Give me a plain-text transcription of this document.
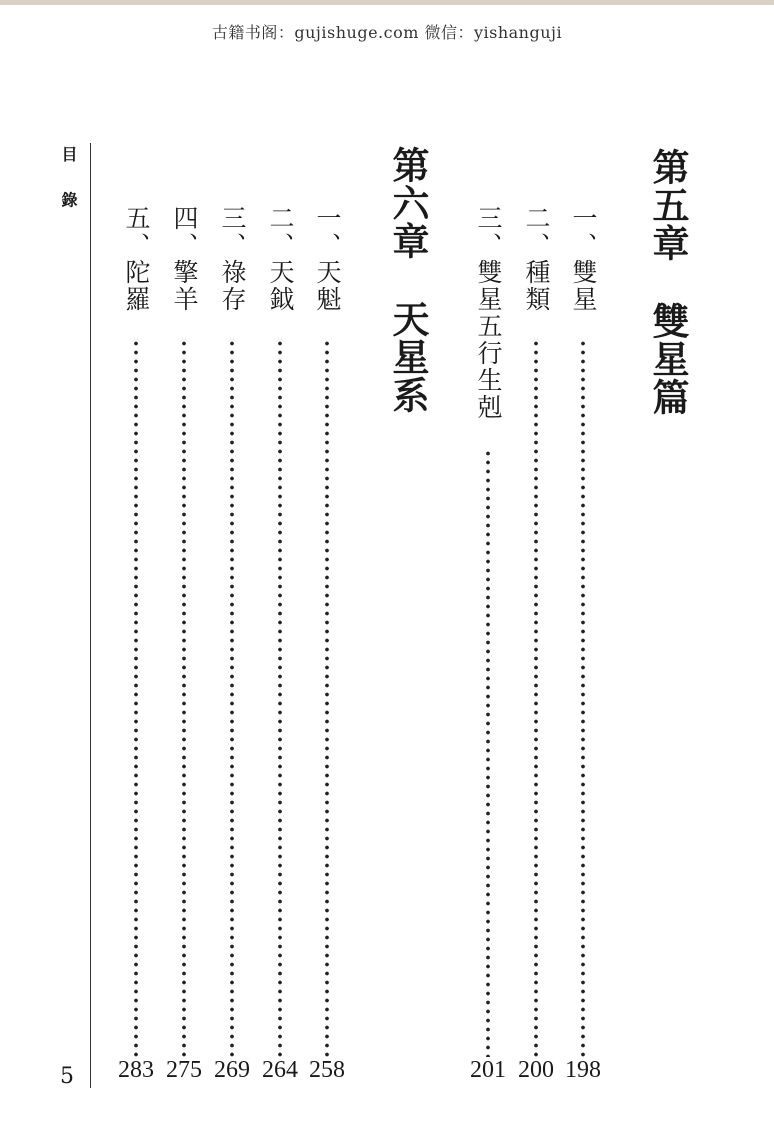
古籍书阁：gujishuge.com 微信：yishanguji
目 錄
5
第五章雙星篇
一、雙星
198
二、種類
200
三、雙星五行生剋
201
第六章天星系
一、天魁
258
二、天鉞
264
三、祿存
269
四、擎羊
275
五、陀羅
283
